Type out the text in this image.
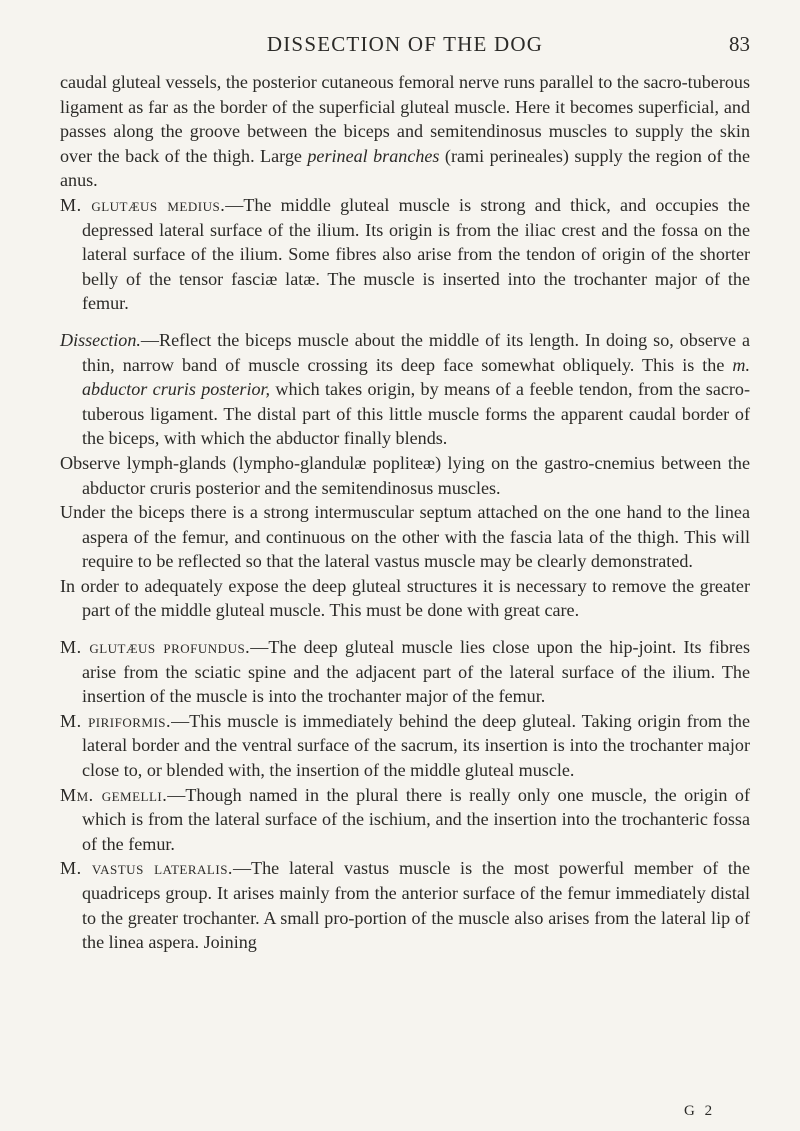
DISSECTION OF THE DOG	83

caudal gluteal vessels, the posterior cutaneous femoral nerve runs parallel to the sacro-tuberous ligament as far as the border of the superficial gluteal muscle. Here it becomes superficial, and passes along the groove between the biceps and semitendinosus muscles to supply the skin over the back of the thigh. Large perineal branches (rami perineales) supply the region of the anus.

M. glutæus medius.—The middle gluteal muscle is strong and thick, and occupies the depressed lateral surface of the ilium. Its origin is from the iliac crest and the fossa on the lateral surface of the ilium. Some fibres also arise from the tendon of origin of the shorter belly of the tensor fasciæ latæ. The muscle is inserted into the trochanter major of the femur.

Dissection.—Reflect the biceps muscle about the middle of its length. In doing so, observe a thin, narrow band of muscle crossing its deep face somewhat obliquely. This is the m. abductor cruris posterior, which takes origin, by means of a feeble tendon, from the sacro-tuberous ligament. The distal part of this little muscle forms the apparent caudal border of the biceps, with which the abductor finally blends.

Observe lymph-glands (lympho-glandulæ popliteæ) lying on the gastro-cnemius between the abductor cruris posterior and the semitendinosus muscles.

Under the biceps there is a strong intermuscular septum attached on the one hand to the linea aspera of the femur, and continuous on the other with the fascia lata of the thigh. This will require to be reflected so that the lateral vastus muscle may be clearly demonstrated.

In order to adequately expose the deep gluteal structures it is necessary to remove the greater part of the middle gluteal muscle. This must be done with great care.

M. glutæus profundus.—The deep gluteal muscle lies close upon the hip-joint. Its fibres arise from the sciatic spine and the adjacent part of the lateral surface of the ilium. The insertion of the muscle is into the trochanter major of the femur.

M. piriformis.—This muscle is immediately behind the deep gluteal. Taking origin from the lateral border and the ventral surface of the sacrum, its insertion is into the trochanter major close to, or blended with, the insertion of the middle gluteal muscle.

Mm. gemelli.—Though named in the plural there is really only one muscle, the origin of which is from the lateral surface of the ischium, and the insertion into the trochanteric fossa of the femur.

M. vastus lateralis.—The lateral vastus muscle is the most powerful member of the quadriceps group. It arises mainly from the anterior surface of the femur immediately distal to the greater trochanter. A small pro-portion of the muscle also arises from the lateral lip of the linea aspera. Joining

G 2
